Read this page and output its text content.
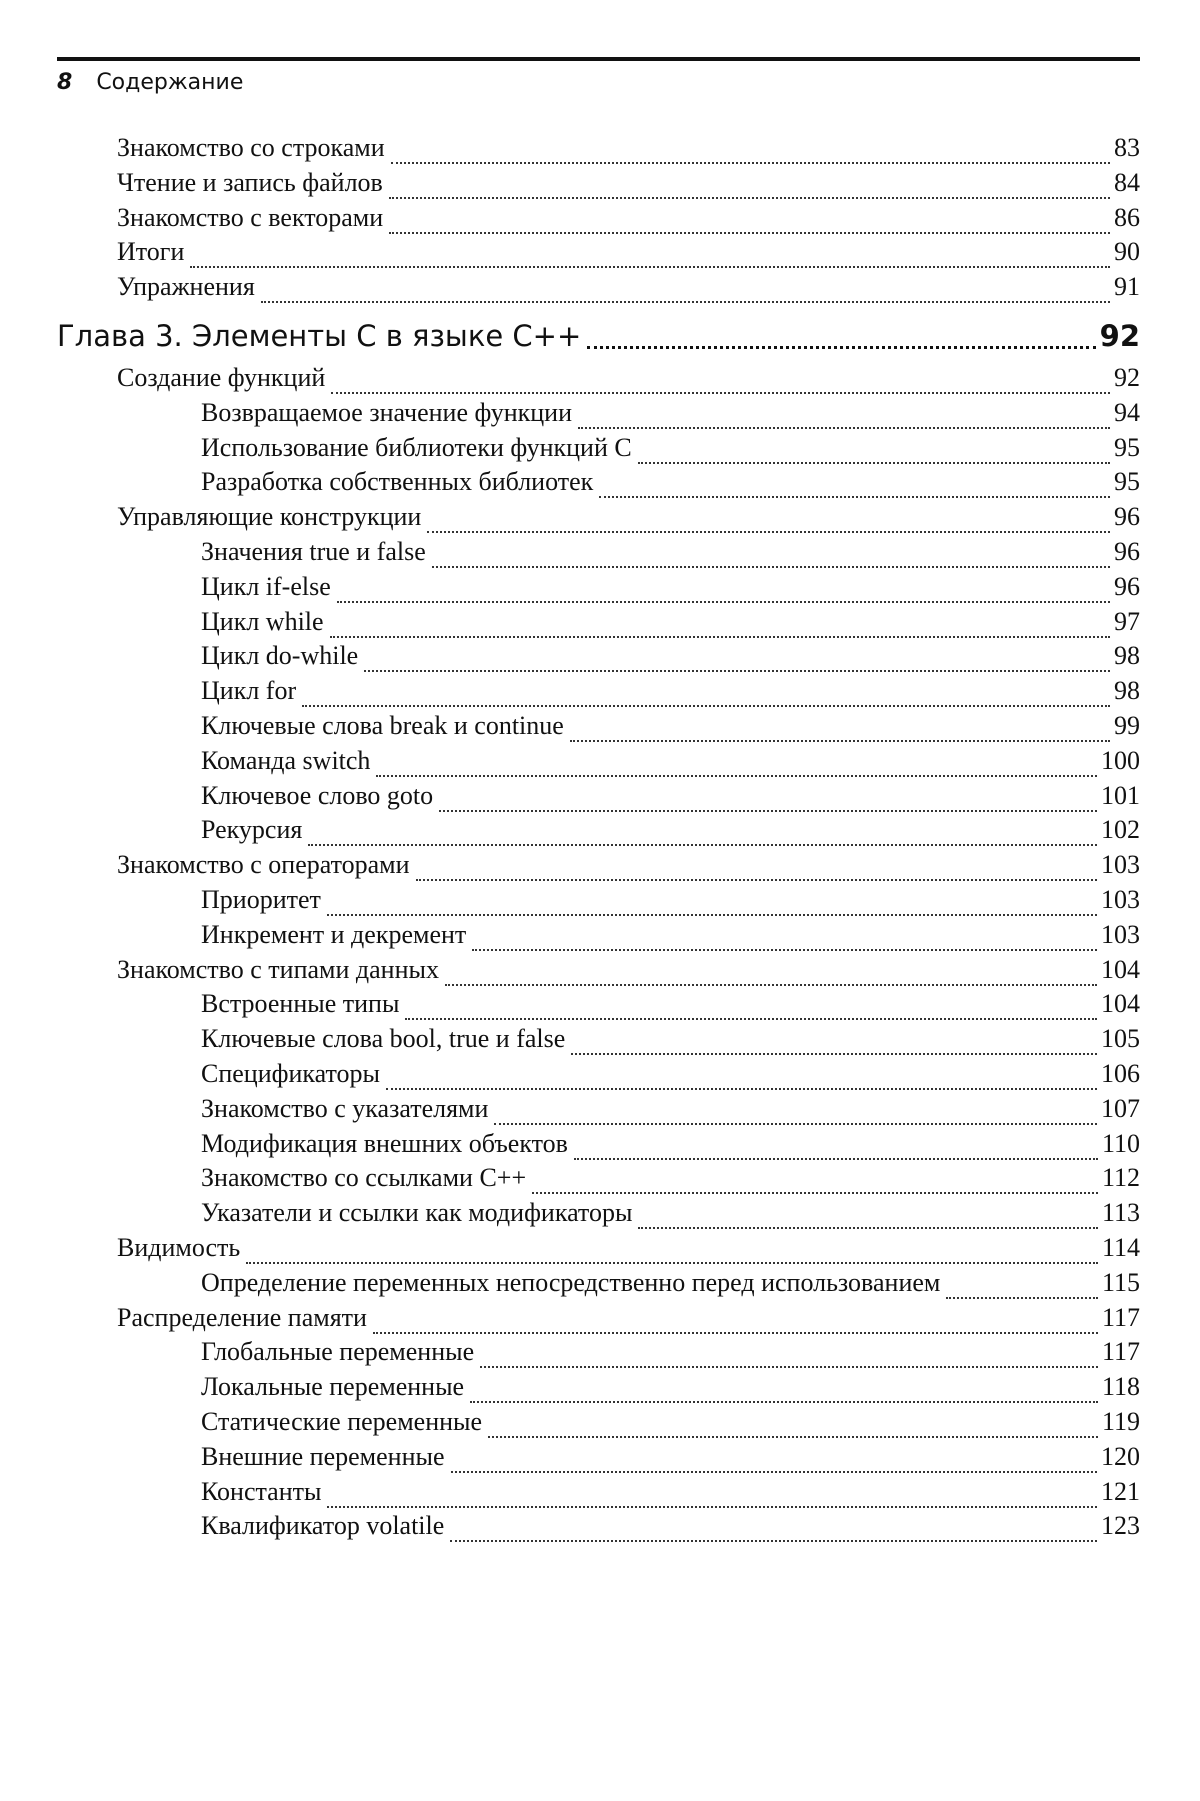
8 Содержание
Знакомство со строками	83
Чтение и запись файлов	84
Знакомство с векторами	86
Итоги	90
Упражнения	91
Глава 3. Элементы С в языке С++	92
Создание функций	92
Возвращаемое значение функции	94
Использование библиотеки функций С	95
Разработка собственных библиотек	95
Управляющие конструкции	96
Значения true и false	96
Цикл if-else	96
Цикл while	97
Цикл do-while	98
Цикл for	98
Ключевые слова break и continue	99
Команда switch	100
Ключевое слово goto	101
Рекурсия	102
Знакомство с операторами	103
Приоритет	103
Инкремент и декремент	103
Знакомство с типами данных	104
Встроенные типы	104
Ключевые слова bool, true и false	105
Спецификаторы	106
Знакомство с указателями	107
Модификация внешних объектов	110
Знакомство со ссылками С++	112
Указатели и ссылки как модификаторы	113
Видимость	114
Определение переменных непосредственно перед использованием	115
Распределение памяти	117
Глобальные переменные	117
Локальные переменные	118
Статические переменные	119
Внешние переменные	120
Константы	121
Квалификатор volatile	123
